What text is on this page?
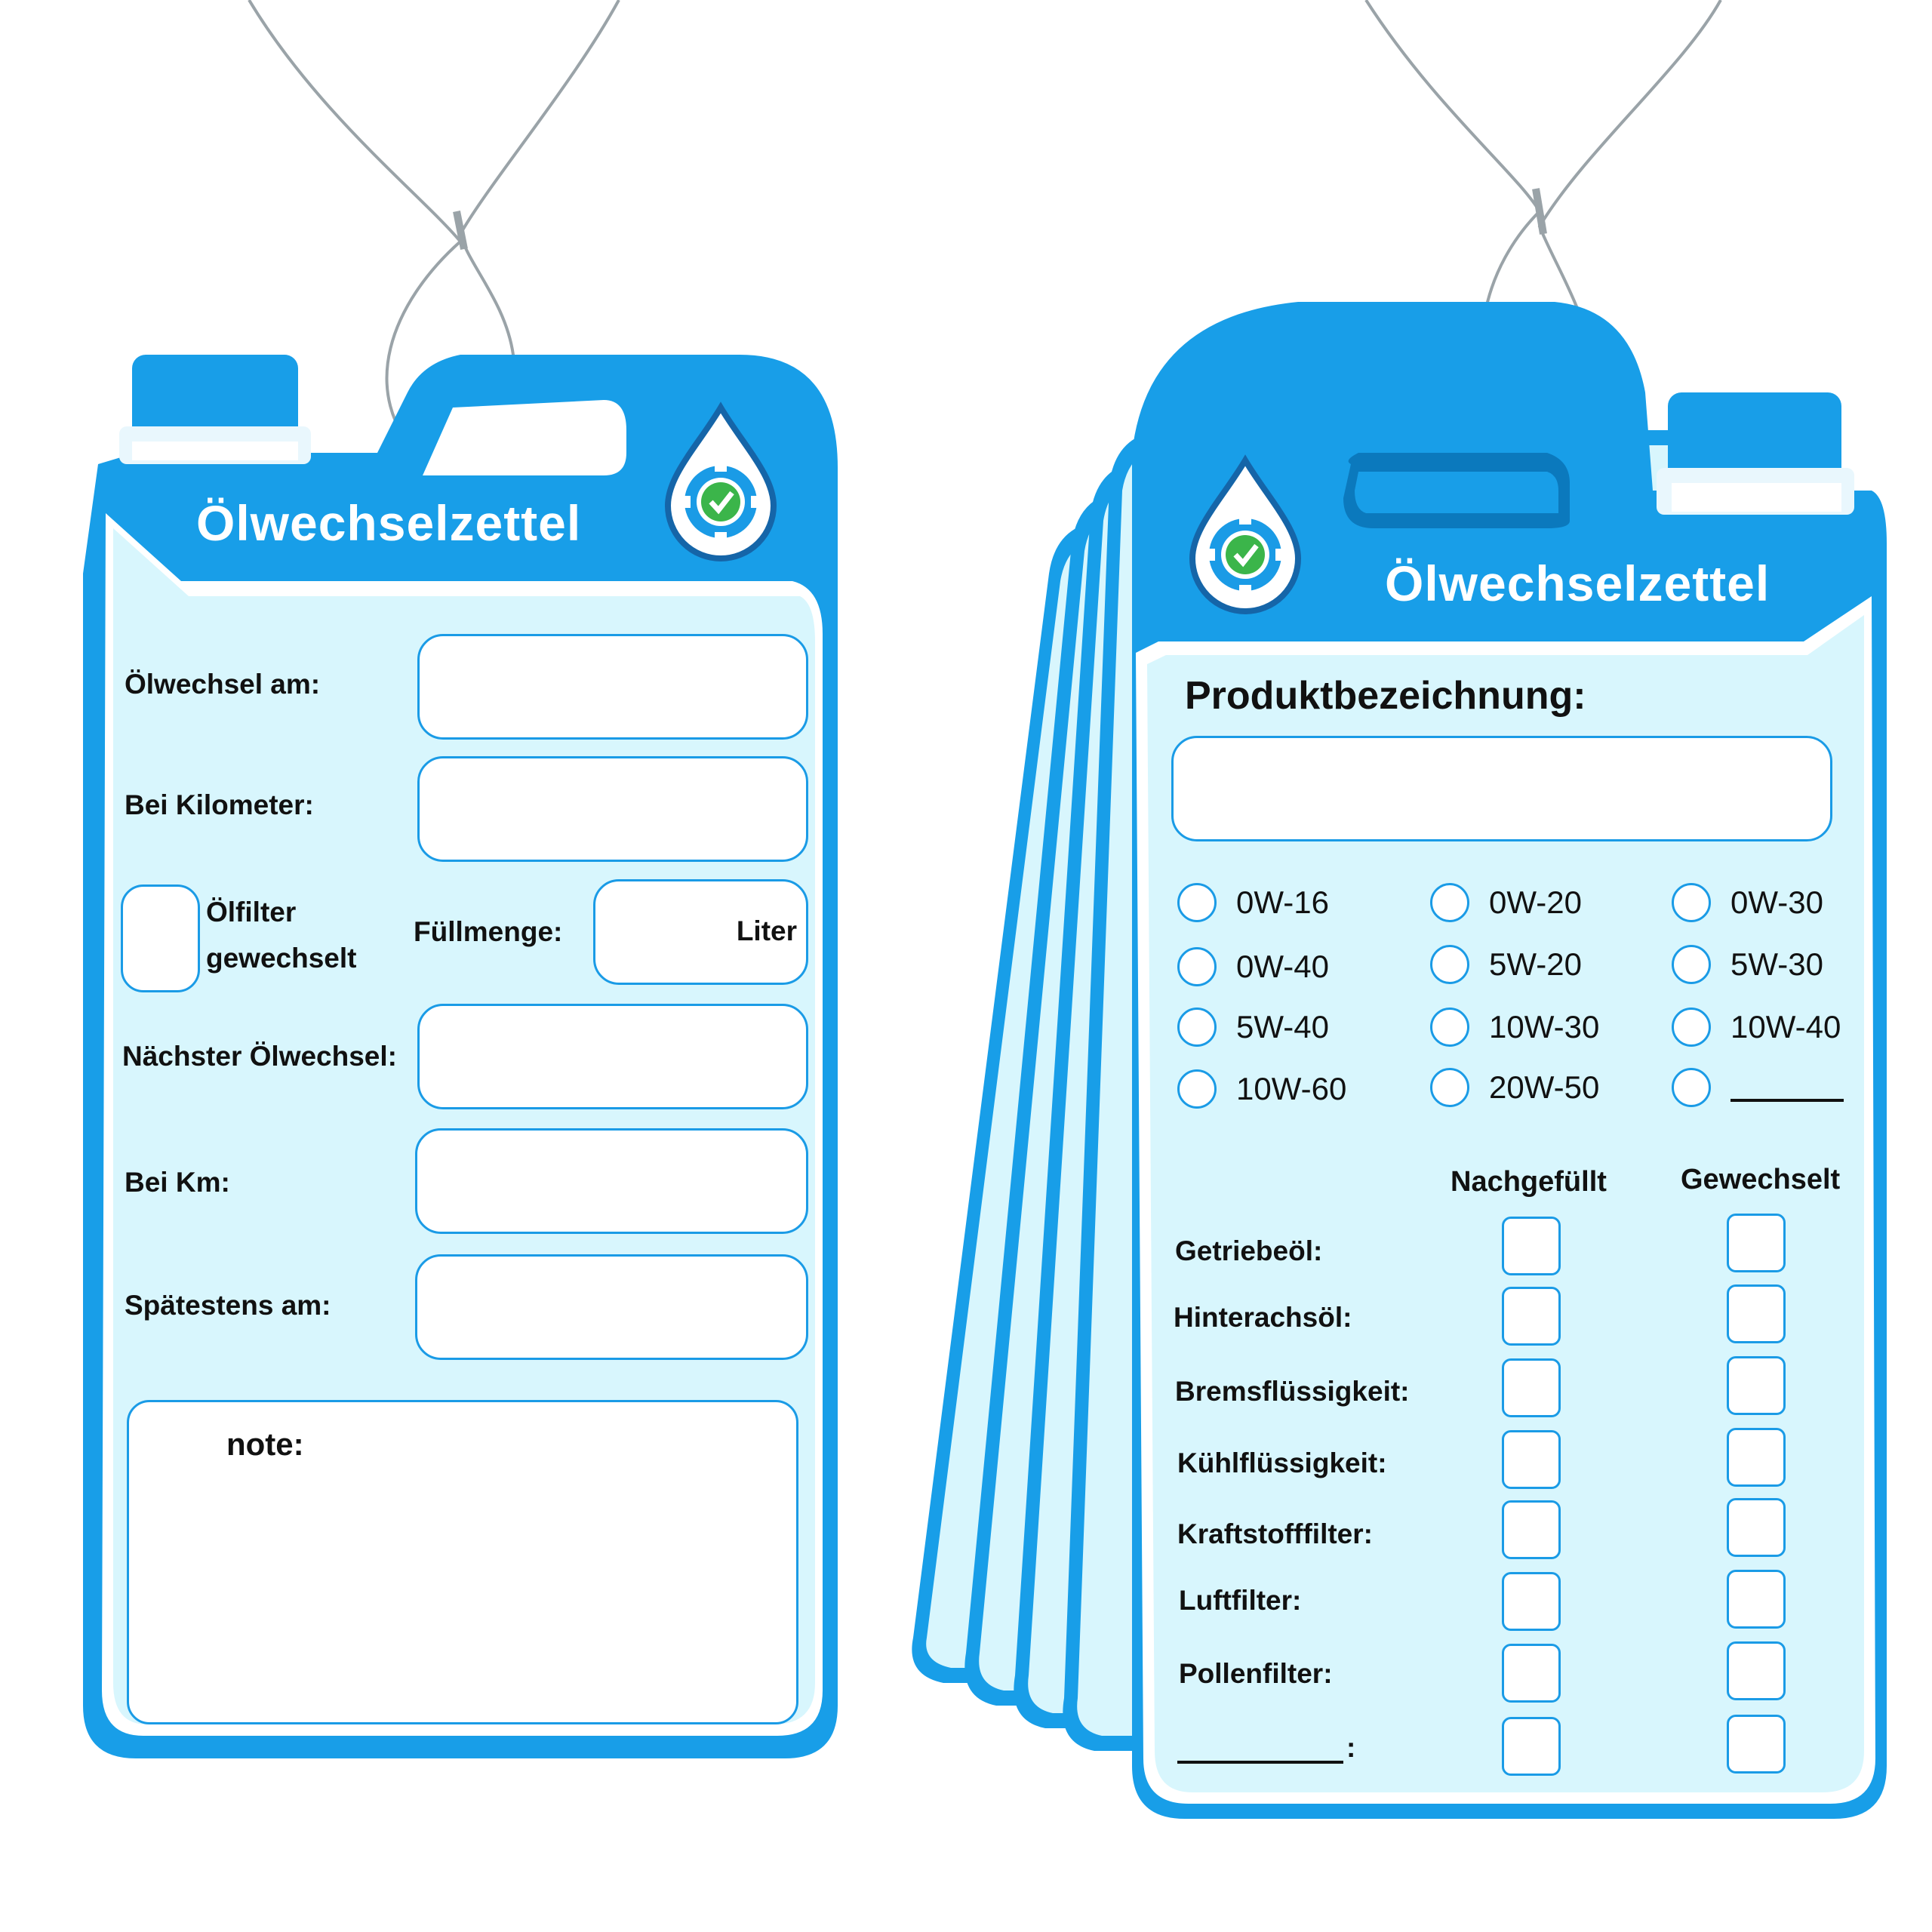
Ölwechselzettel
Ölwechsel am:
Bei Kilometer:
Ölfilter
gewechselt
Füllmenge:	Liter
Nächster Ölwechsel:
Bei Km:
Spätestens am:
note:
Ölwechselzettel
Produktbezeichnung:
0W-16	0W-20	0W-30
0W-40	5W-20	5W-30
5W-40	10W-30	10W-40
10W-60	20W-50
Nachgefüllt	Gewechselt
Getriebeöl:
Hinterachsöl:
Bremsflüssigkeit:
Kühlflüssigkeit:
Kraftstofffilter:
Luftfilter:
Pollenfilter:
:
